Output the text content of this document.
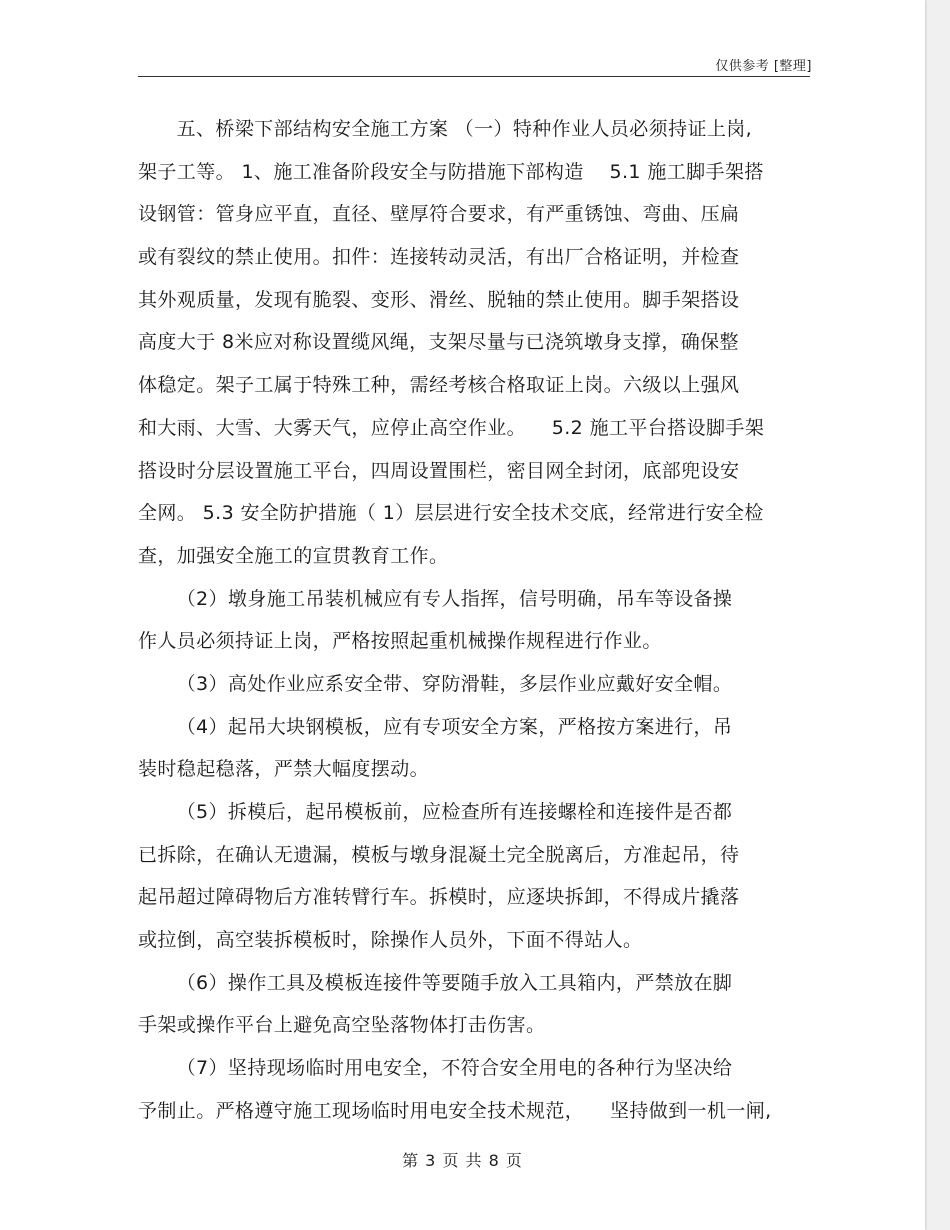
仅供参考 [整理]
五、桥梁下部结构安全施工方案 （一）特种作业人员必须持证上岗,
架子工等。 1、施工准备阶段安全与防措施下部构造    5.1 施工脚手架搭
设钢管：管身应平直，直径、壁厚符合要求，有严重锈蚀、弯曲、压扁
或有裂纹的禁止使用。扣件：连接转动灵活，有出厂合格证明，并检查
其外观质量，发现有脆裂、变形、滑丝、脱轴的禁止使用。脚手架搭设
高度大于 8米应对称设置缆风绳，支架尽量与已浇筑墩身支撑，确保整
体稳定。架子工属于特殊工种，需经考核合格取证上岗。六级以上强风
和大雨、大雪、大雾天气，应停止高空作业。    5.2 施工平台搭设脚手架
搭设时分层设置施工平台，四周设置围栏，密目网全封闭，底部兜设安
全网。 5.3 安全防护措施（ 1）层层进行安全技术交底，经常进行安全检
查，加强安全施工的宣贯教育工作。
（2）墩身施工吊装机械应有专人指挥，信号明确，吊车等设备操
作人员必须持证上岗，严格按照起重机械操作规程进行作业。
（3）高处作业应系安全带、穿防滑鞋，多层作业应戴好安全帽。
（4）起吊大块钢模板，应有专项安全方案，严格按方案进行，吊
装时稳起稳落，严禁大幅度摆动。
（5）拆模后，起吊模板前，应检查所有连接螺栓和连接件是否都
已拆除，在确认无遗漏，模板与墩身混凝土完全脱离后，方准起吊，待
起吊超过障碍物后方准转臂行车。拆模时，应逐块拆卸，不得成片撬落
或拉倒，高空装拆模板时，除操作人员外，下面不得站人。
（6）操作工具及模板连接件等要随手放入工具箱内，严禁放在脚
手架或操作平台上避免高空坠落物体打击伤害。
（7）坚持现场临时用电安全，不符合安全用电的各种行为坚决给
予制止。严格遵守施工现场临时用电安全技术规范，    坚持做到一机一闸,
第 3 页 共 8 页
